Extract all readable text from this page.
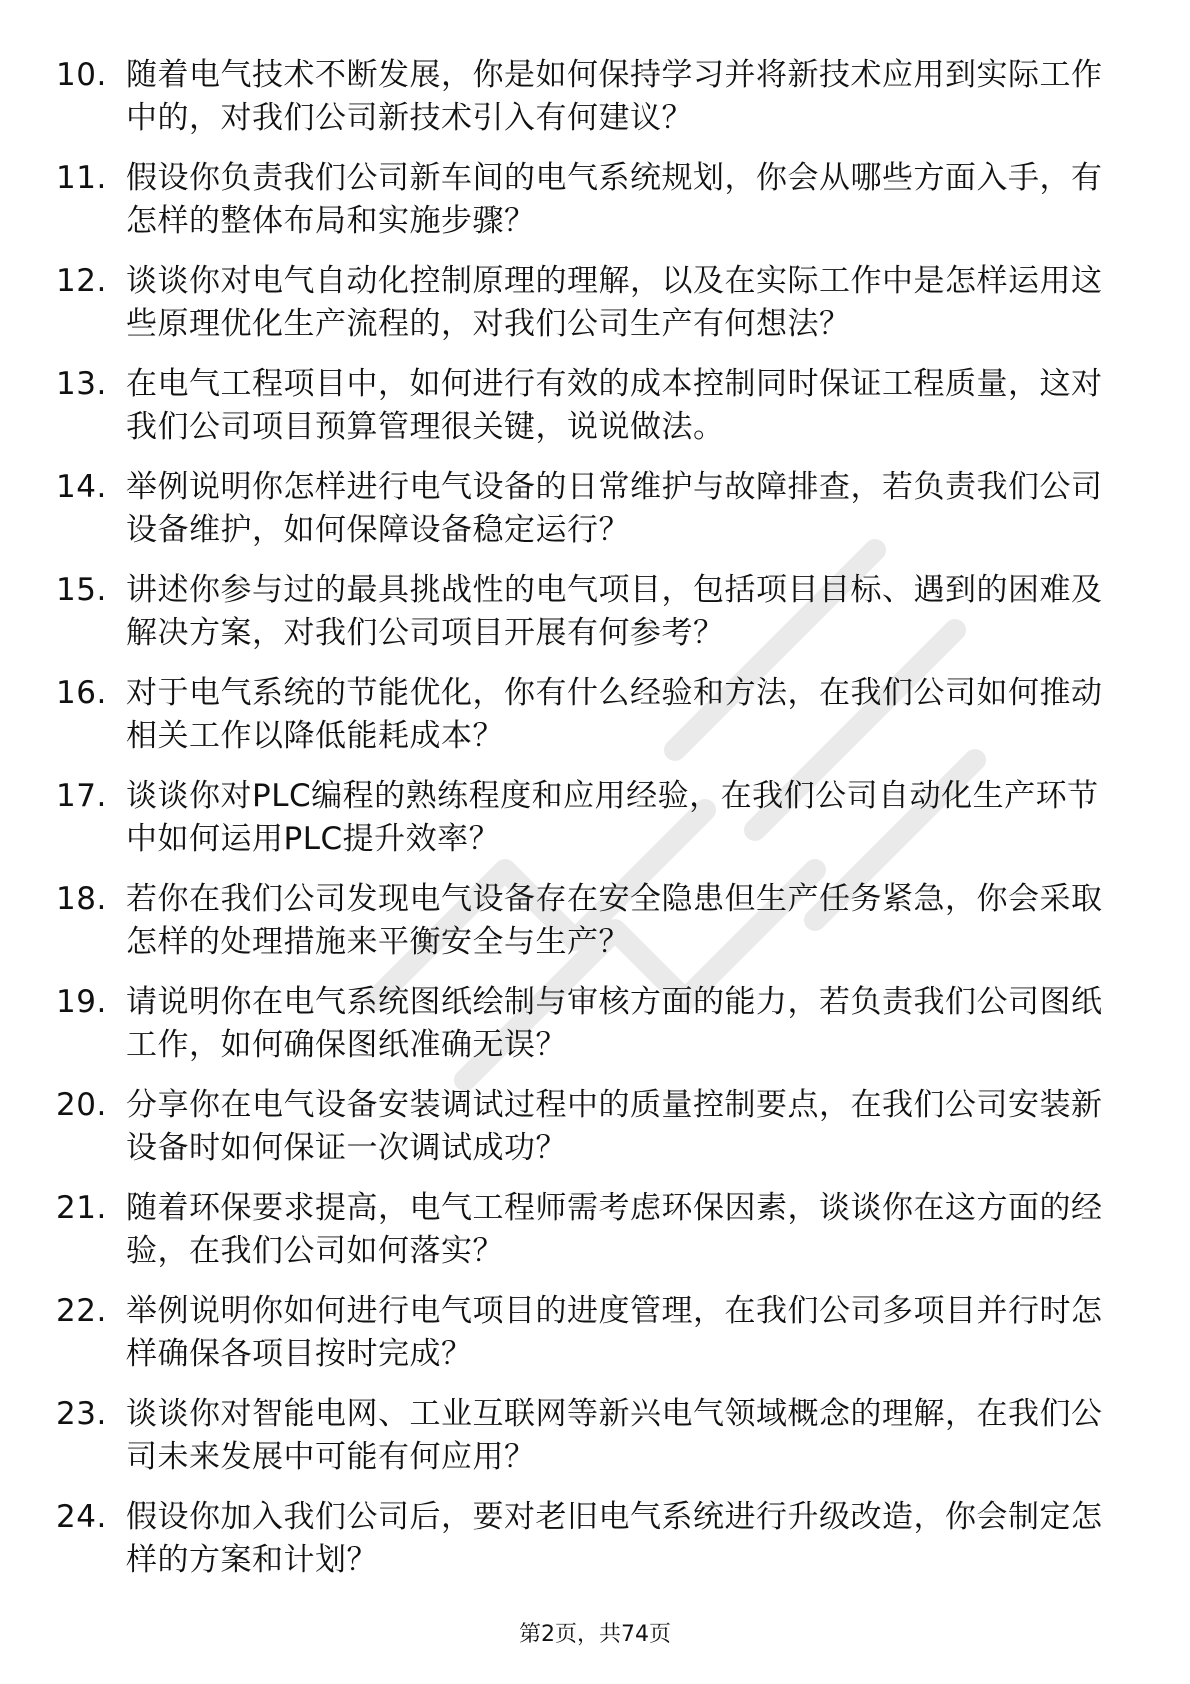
10. 随着电气技术不断发展，你是如何保持学习并将新技术应用到实际工作中的，对我们公司新技术引入有何建议？
11. 假设你负责我们公司新车间的电气系统规划，你会从哪些方面入手，有怎样的整体布局和实施步骤？
12. 谈谈你对电气自动化控制原理的理解，以及在实际工作中是怎样运用这些原理优化生产流程的，对我们公司生产有何想法？
13. 在电气工程项目中，如何进行有效的成本控制同时保证工程质量，这对我们公司项目预算管理很关键，说说做法。
14. 举例说明你怎样进行电气设备的日常维护与故障排查，若负责我们公司设备维护，如何保障设备稳定运行？
15. 讲述你参与过的最具挑战性的电气项目，包括项目目标、遇到的困难及解决方案，对我们公司项目开展有何参考？
16. 对于电气系统的节能优化，你有什么经验和方法，在我们公司如何推动相关工作以降低能耗成本？
17. 谈谈你对PLC编程的熟练程度和应用经验，在我们公司自动化生产环节中如何运用PLC提升效率？
18. 若你在我们公司发现电气设备存在安全隐患但生产任务紧急，你会采取怎样的处理措施来平衡安全与生产？
19. 请说明你在电气系统图纸绘制与审核方面的能力，若负责我们公司图纸工作，如何确保图纸准确无误？
20. 分享你在电气设备安装调试过程中的质量控制要点，在我们公司安装新设备时如何保证一次调试成功？
21. 随着环保要求提高，电气工程师需考虑环保因素，谈谈你在这方面的经验，在我们公司如何落实？
22. 举例说明你如何进行电气项目的进度管理，在我们公司多项目并行时怎样确保各项目按时完成？
23. 谈谈你对智能电网、工业互联网等新兴电气领域概念的理解，在我们公司未来发展中可能有何应用？
24. 假设你加入我们公司后，要对老旧电气系统进行升级改造，你会制定怎样的方案和计划？
第2页，共74页
